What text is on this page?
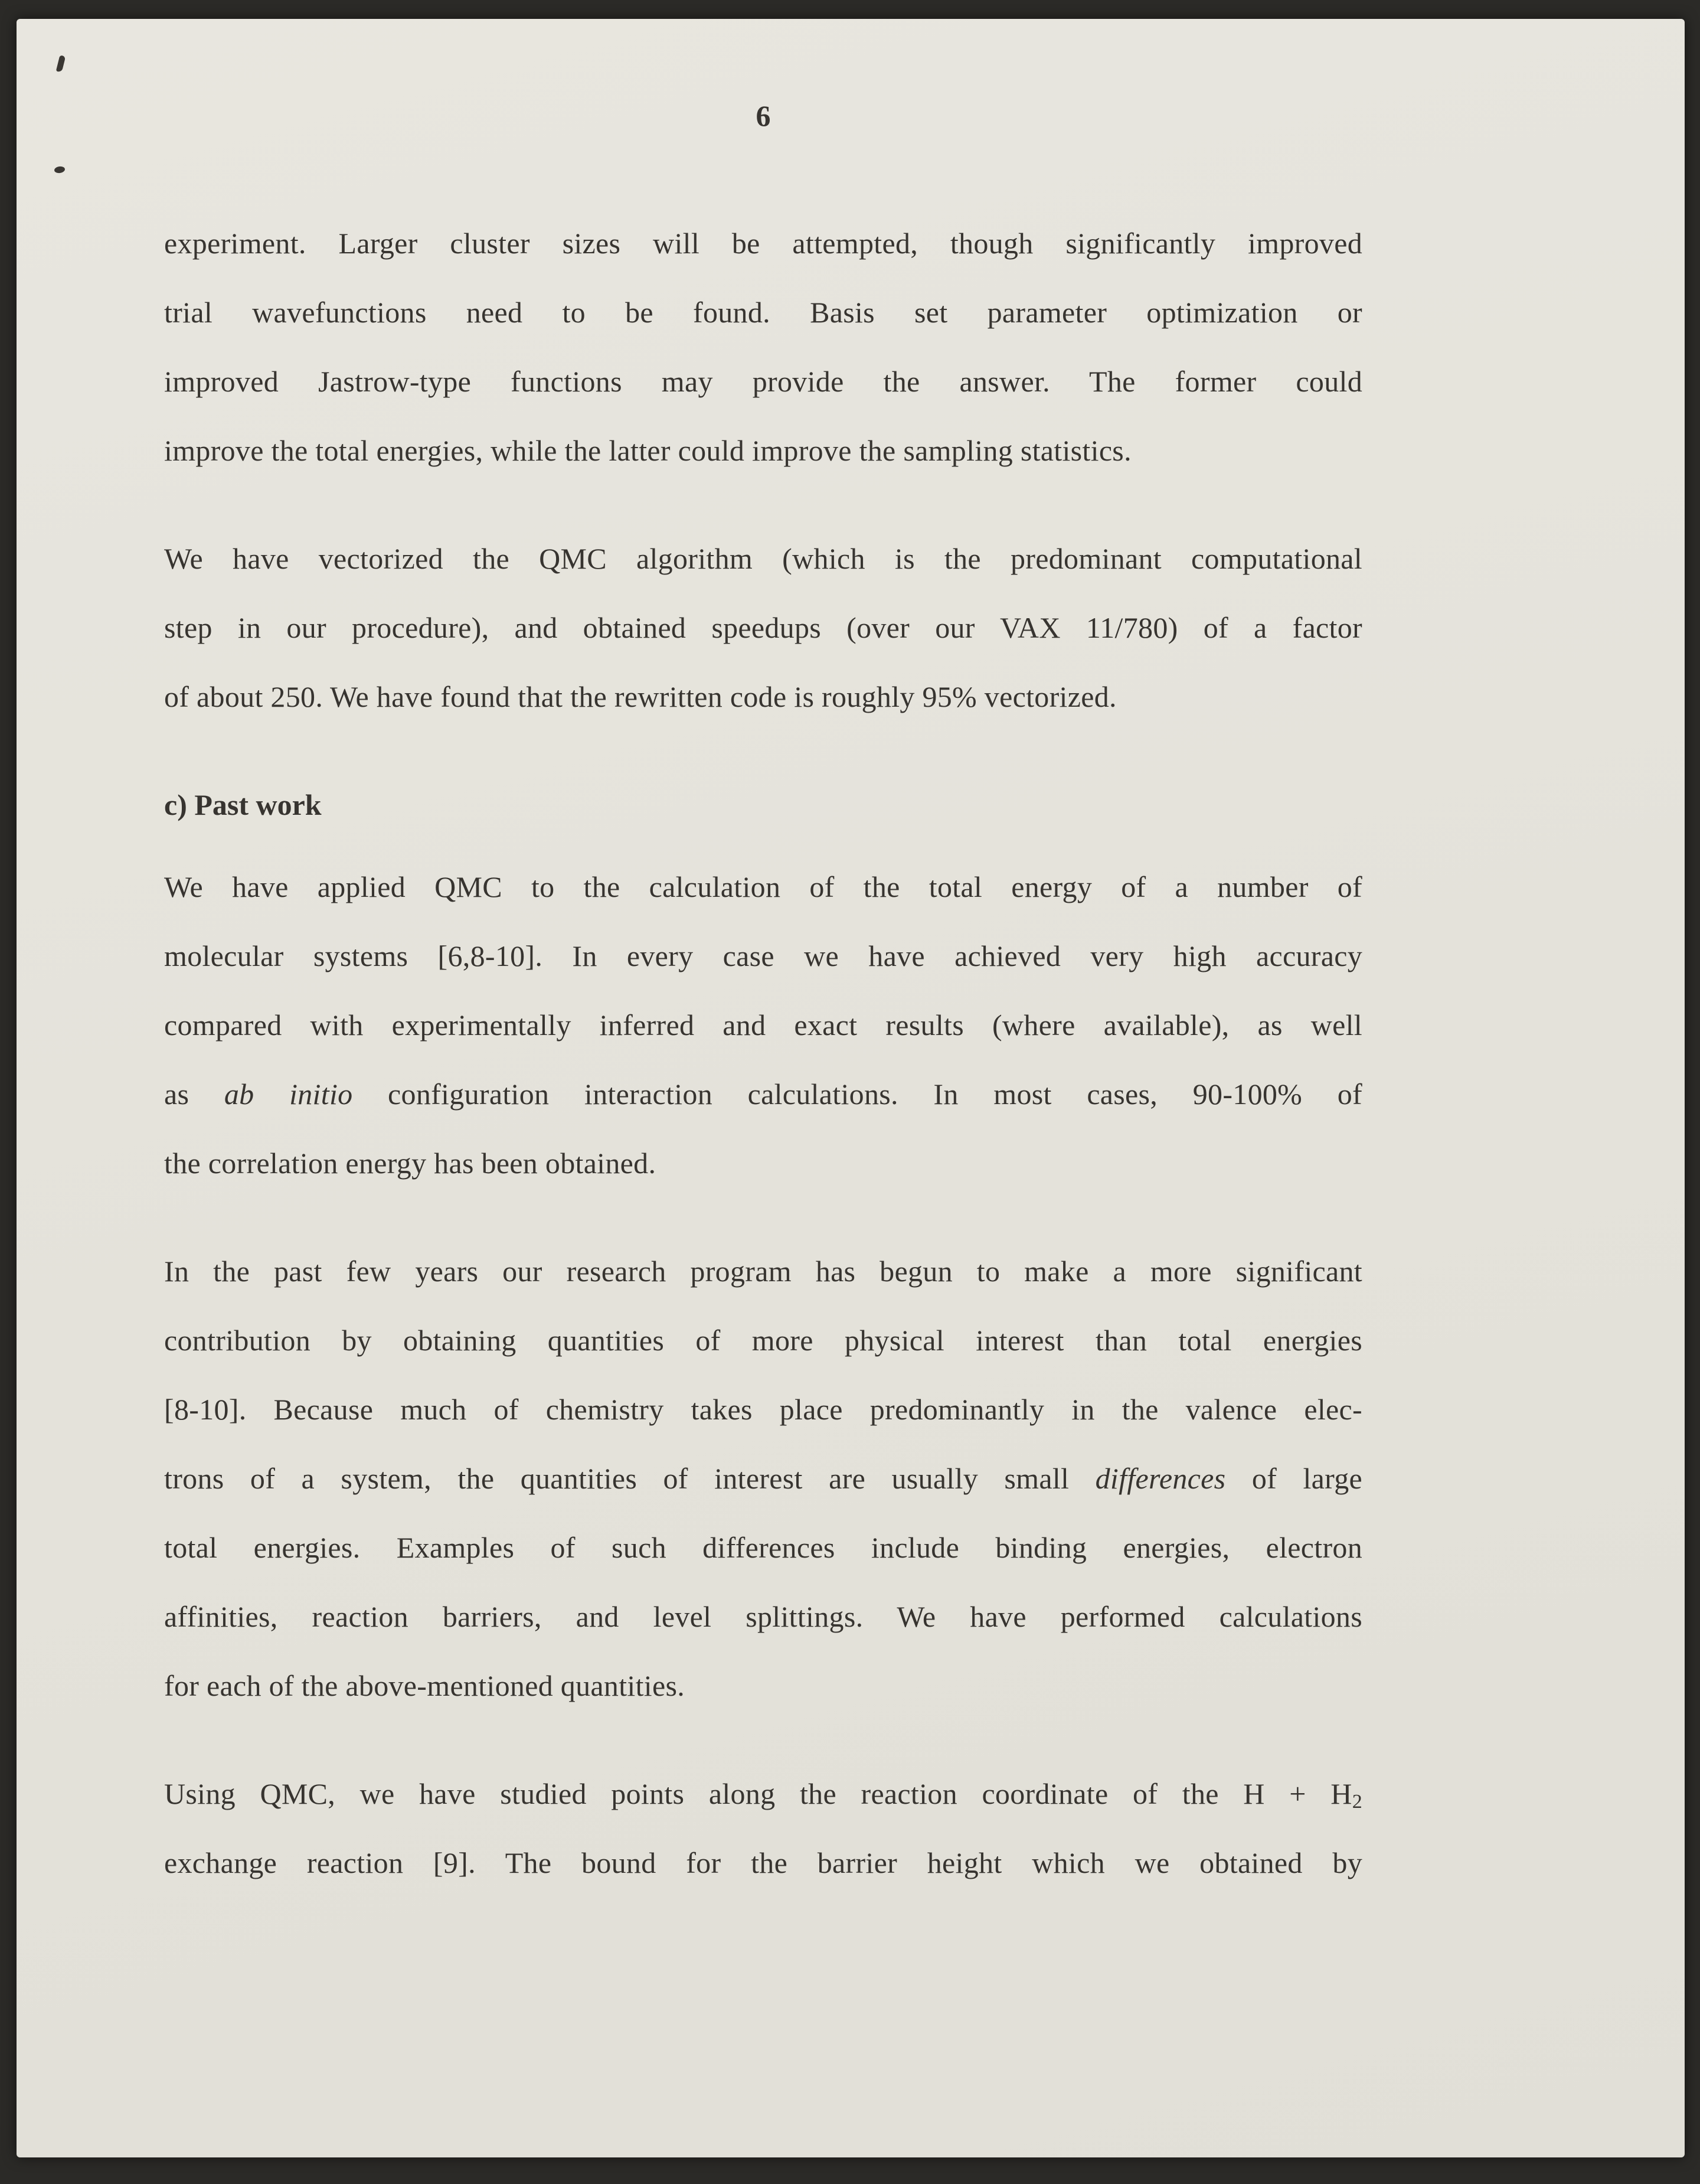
6
experiment. Larger cluster sizes will be attempted, though significantly improved
trial wavefunctions need to be found. Basis set parameter optimization or
improved Jastrow-type functions may provide the answer. The former could
improve the total energies, while the latter could improve the sampling statistics.
We have vectorized the QMC algorithm (which is the predominant computational
step in our procedure), and obtained speedups (over our VAX 11/780) of a factor
of about 250. We have found that the rewritten code is roughly 95% vectorized.
c) Past work
We have applied QMC to the calculation of the total energy of a number of
molecular systems [6,8-10]. In every case we have achieved very high accuracy
compared with experimentally inferred and exact results (where available), as well
as ab initio configuration interaction calculations. In most cases, 90-100% of
the correlation energy has been obtained.
In the past few years our research program has begun to make a more significant
contribution by obtaining quantities of more physical interest than total energies
[8-10]. Because much of chemistry takes place predominantly in the valence elec-
trons of a system, the quantities of interest are usually small differences of large
total energies. Examples of such differences include binding energies, electron
affinities, reaction barriers, and level splittings. We have performed calculations
for each of the above-mentioned quantities.
Using QMC, we have studied points along the reaction coordinate of the $H + H_2$
exchange reaction [9]. The bound for the barrier height which we obtained by
